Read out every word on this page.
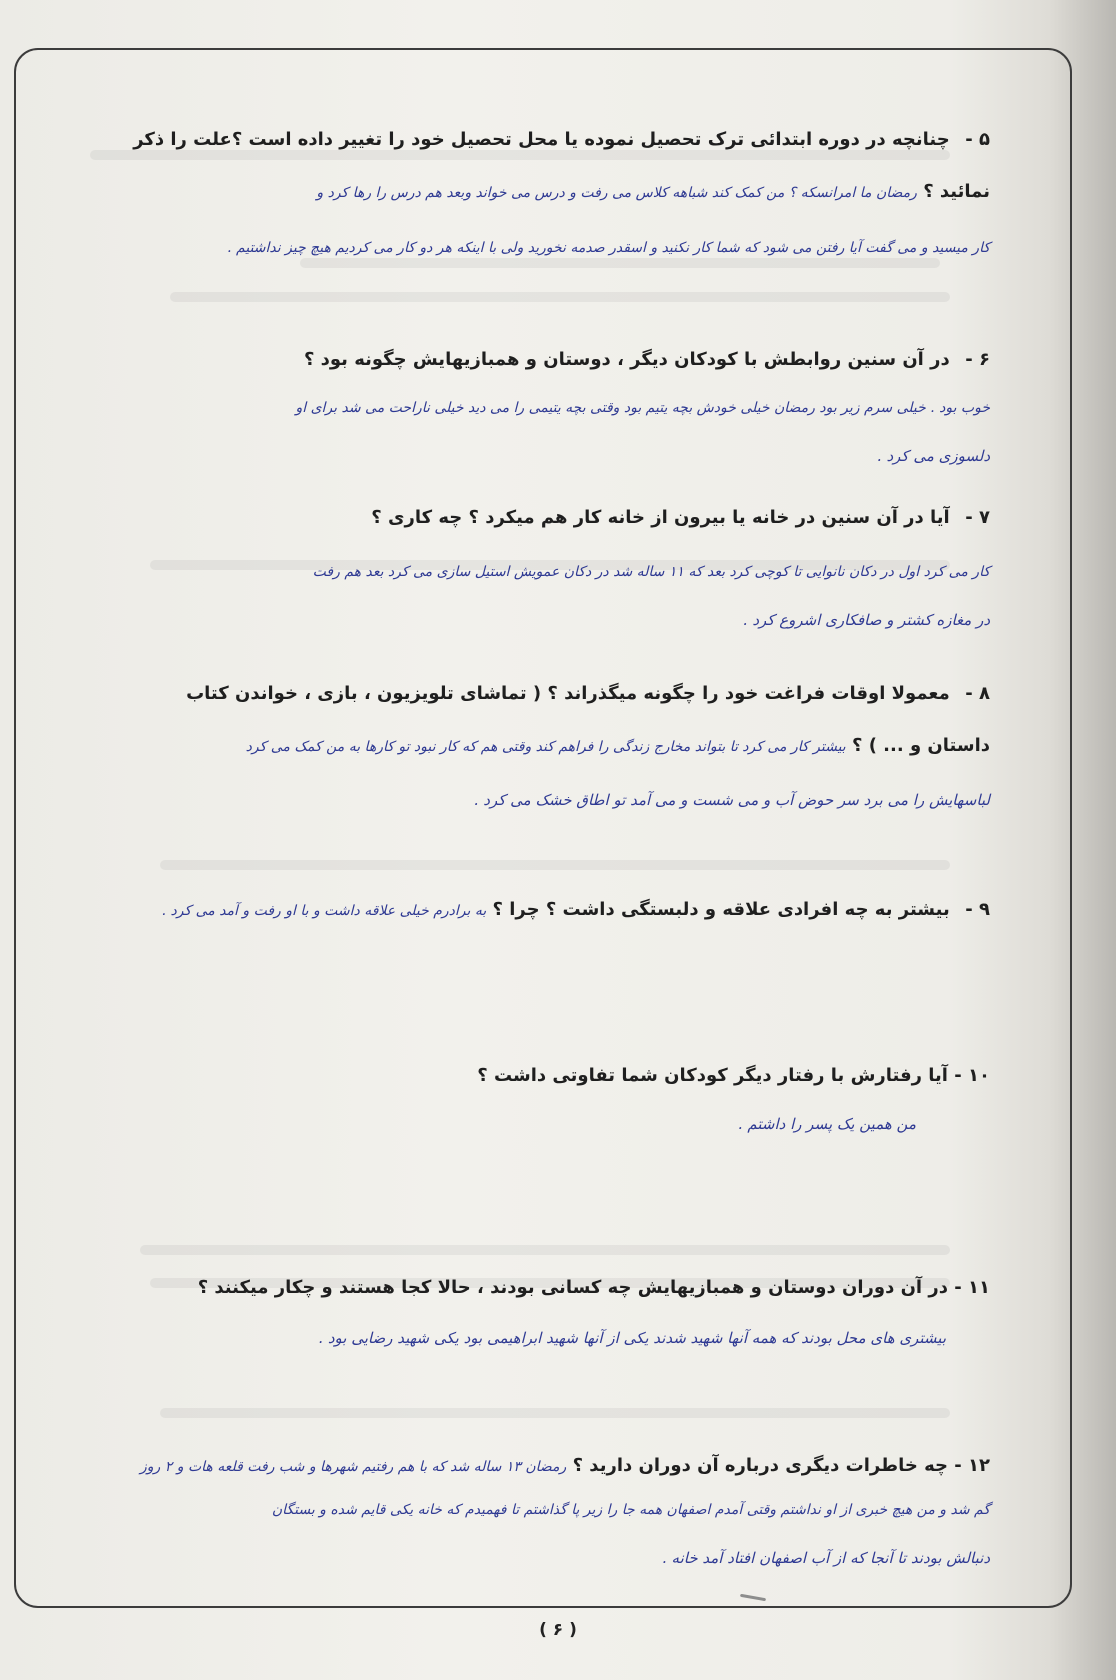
۵ - چنانچه در دوره ابتدائی ترک تحصیل نموده یا محل تحصیل خود را تغییر داده است ؟علت را ذکر
نمائید ؟ رمضان ما امرانسکه ؟ من کمک کند شباهه کلاس می رفت و درس می خواند وبعد هم درس را رها کرد و

کار میسید و می گفت آیا رفتن می شود که شما کار نکنید و اسقدر صدمه نخورید ولی با اینکه هر دو کار می کردیم هیچ چیز نداشتیم .

۶ - در آن سنین روابطش با کودکان دیگر ، دوستان و همبازیهایش چگونه بود ؟

خوب بود . خیلی سرم زیر بود رمضان خیلی خودش بچه یتیم بود وقتی بچه یتیمی را می دید خیلی ناراحت می شد برای او

دلسوزی می کرد .

۷ - آیا در آن سنین در خانه یا بیرون از خانه کار هم میکرد ؟ چه کاری ؟

کار می کرد اول در دکان نانوایی تا کوچی کرد بعد که ۱۱ ساله شد در دکان عمویش استیل سازی می کرد بعد هم رفت

در مغازه کشتر و صافکاری اشروع کرد .

۸ - معمولا اوقات فراغت خود را چگونه میگذراند ؟ ( تماشای تلویزیون ، بازی ، خواندن کتاب
داستان و ... ) ؟ بیشتر کار می کرد تا بتواند مخارج زندگی را فراهم کند وقتی هم که کار نبود تو کارها به من کمک می کرد

لباسهایش را می برد سر حوض آب و می شست و می آمد تو اطاق خشک می کرد .

۹ - بیشتر به چه افرادی علاقه و دلبستگی داشت ؟ چرا ؟ به برادرم خیلی علاقه داشت و با او رفت و آمد می کرد .
۱۰ - آیا رفتارش با رفتار دیگر کودکان شما تفاوتی داشت ؟

من همین یک پسر را داشتم .

۱۱ - در آن دوران دوستان و همبازیهایش چه کسانی بودند ، حالا کجا هستند و چکار میکنند ؟

بیشتری های محل بودند که همه آنها شهید شدند یکی از آنها شهید ابراهیمی بود یکی شهید رضایی بود .

۱۲ - چه خاطرات دیگری درباره آن دوران دارید ؟ رمضان ۱۳ ساله شد که با هم رفتیم شهرها و شب رفت قلعه هات و ۲ روز

گم شد و من هیچ خبری از او نداشتم وقتی آمدم اصفهان همه جا را زیر پا گذاشتم تا فهمیدم که خانه یکی قایم شده و بستگان

دنبالش بودند تا آنجا که از آب اصفهان افتاد آمد خانه .

( ۶ )
